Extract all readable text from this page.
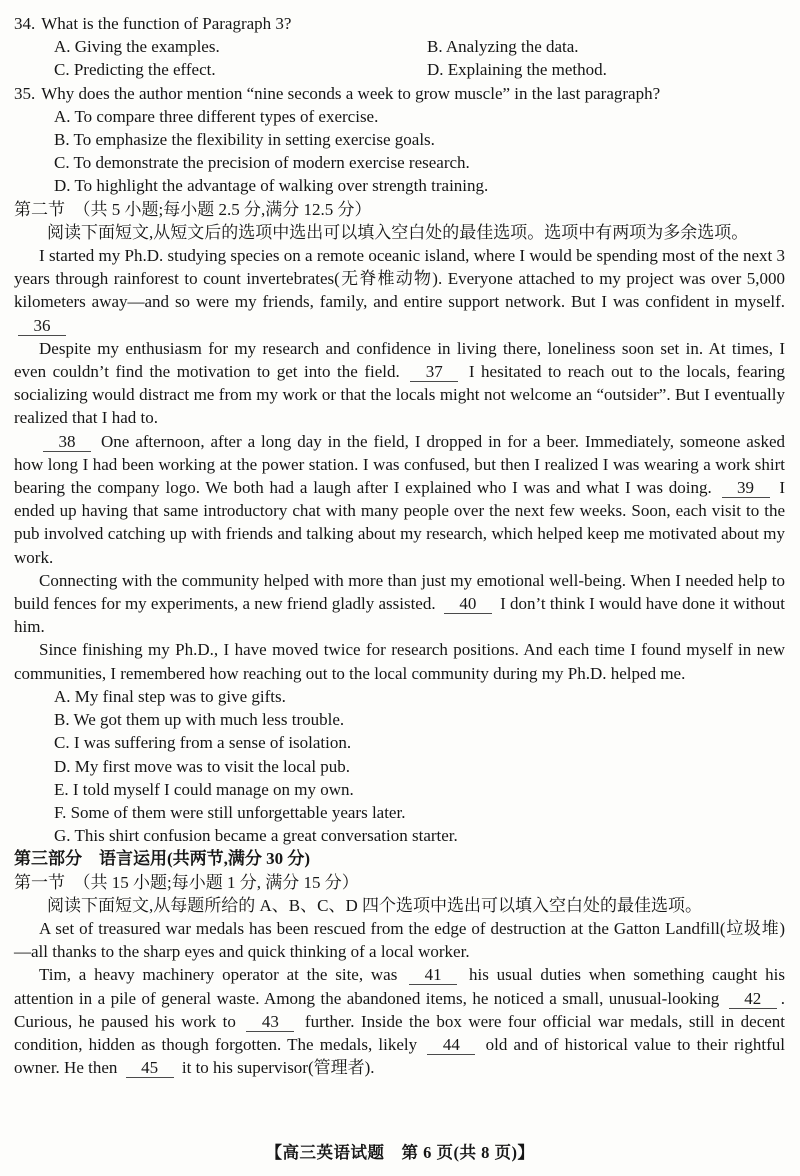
34. What is the function of Paragraph 3?

A. Giving the examples.	B. Analyzing the data.
C. Predicting the effect.	D. Explaining the method.

35. Why does the author mention “nine seconds a week to grow muscle” in the last paragraph?

A. To compare three different types of exercise.

B. To emphasize the flexibility in setting exercise goals.

C. To demonstrate the precision of modern exercise research.

D. To highlight the advantage of walking over strength training.

第二节　（共 5 小题;每小题 2.5 分,满分 12.5 分）

阅读下面短文,从短文后的选项中选出可以填入空白处的最佳选项。选项中有两项为多余选项。

I started my Ph.D. studying species on a remote oceanic island, where I would be spending most of the next 3 years through rainforest to count invertebrates(无脊椎动物). Everyone attached to my project was over 5,000 kilometers away—and so were my friends, family, and entire support network. But I was confident in myself. 36

Despite my enthusiasm for my research and confidence in living there, loneliness soon set in. At times, I even couldn’t find the motivation to get into the field. 37 I hesitated to reach out to the locals, fearing socializing would distract me from my work or that the locals might not welcome an “outsider”. But I eventually realized that I had to.

38 One afternoon, after a long day in the field, I dropped in for a beer. Immediately, someone asked how long I had been working at the power station. I was confused, but then I realized I was wearing a work shirt bearing the company logo. We both had a laugh after I explained who I was and what I was doing. 39 I ended up having that same introductory chat with many people over the next few weeks. Soon, each visit to the pub involved catching up with friends and talking about my research, which helped keep me motivated about my work.

Connecting with the community helped with more than just my emotional well-being. When I needed help to build fences for my experiments, a new friend gladly assisted. 40 I don’t think I would have done it without him.

Since finishing my Ph.D., I have moved twice for research positions. And each time I found myself in new communities, I remembered how reaching out to the local community during my Ph.D. helped me.

A. My final step was to give gifts.

B. We got them up with much less trouble.

C. I was suffering from a sense of isolation.

D. My first move was to visit the local pub.

E. I told myself I could manage on my own.

F. Some of them were still unforgettable years later.

G. This shirt confusion became a great conversation starter.

第三部分　语言运用(共两节,满分 30 分)

第一节　（共 15 小题;每小题 1 分, 满分 15 分）

阅读下面短文,从每题所给的 A、B、C、D 四个选项中选出可以填入空白处的最佳选项。

A set of treasured war medals has been rescued from the edge of destruction at the Gatton Landfill(垃圾堆)—all thanks to the sharp eyes and quick thinking of a local worker.

Tim, a heavy machinery operator at the site, was 41 his usual duties when something caught his attention in a pile of general waste. Among the abandoned items, he noticed a small, unusual-looking 42 . Curious, he paused his work to 43 further. Inside the box were four official war medals, still in decent condition, hidden as though forgotten. The medals, likely 44 old and of historical value to their rightful owner. He then 45 it to his supervisor(管理者).

【高三英语试题　第 6 页(共 8 页)】
